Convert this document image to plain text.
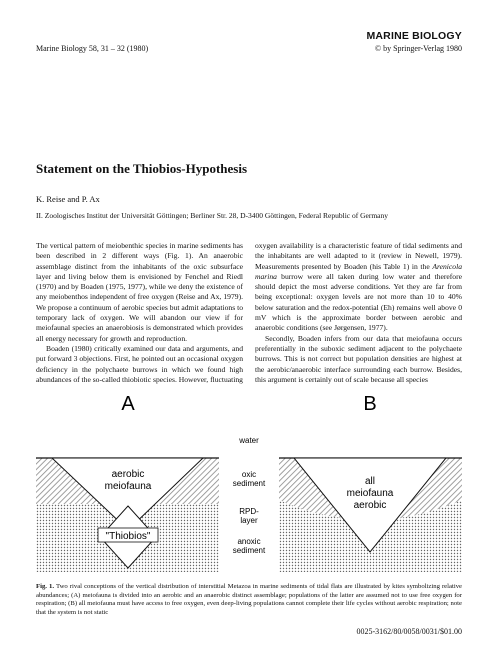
Marine Biology 58, 31 – 32 (1980)
MARINE BIOLOGY
© by Springer-Verlag 1980
Statement on the Thiobios-Hypothesis
K. Reise and P. Ax
II. Zoologisches Institut der Universität Göttingen; Berliner Str. 28, D-3400 Göttingen, Federal Republic of Germany

The vertical pattern of meiobenthic species in marine sediments has been described in 2 different ways (Fig. 1). An anaerobic assemblage distinct from the inhabitants of the oxic subsurface layer and living below them is envisioned by Fenchel and Riedl (1970) and by Boaden (1975, 1977), while we deny the existence of any meiobenthos independent of free oxygen (Reise and Ax, 1979). We propose a continuum of aerobic species but admit adaptations to temporary lack of oxygen. We will abandon our view if for meiofaunal species an anaerobiosis is demonstrated which provides all energy necessary for growth and reproduction.

Boaden (1980) critically examined our data and arguments, and put forward 3 objections. First, he pointed out an occasional oxygen deficiency in the polychaete burrows in which we found high abundances of the so-called thiobiotic species. However, fluctuating

oxygen availability is a characteristic feature of tidal sediments and the inhabitants are well adapted to it (review in Newell, 1979). Measurements presented by Boaden (his Table 1) in the Arenicola marina burrow were all taken during low water and therefore should depict the most adverse conditions. Yet they are far from being exceptional: oxygen levels are not more than 10 to 40% below saturation and the redox-potential (Eh) remains well above 0 mV which is the approximate border between aerobic and anaerobic conditions (see Jørgensen, 1977).

Secondly, Boaden infers from our data that meiofauna occurs preferentially in the suboxic sediment adjacent to the polychaete burrows. This is not correct but population densities are highest at the aerobic/anaerobic interface surrounding each burrow. Besides, this argument is certainly out of scale because all species

A
aerobic
meiofauna
"Thiobios"
water
oxic
sediment
RPD-
layer
anoxic
sediment
B
all
meiofauna
aerobic
Fig. 1. Two rival conceptions of the vertical distribution of interstitial Metazoa in marine sediments of tidal flats are illustrated by kites symbolizing relative abundances; (A) meiofauna is divided into an aerobic and an anaerobic distinct assemblage; populations of the latter are assumed not to use free oxygen for respiration; (B) all meiofauna must have access to free oxygen, even deep-living populations cannot complete their life cycles without aerobic respiration; note that the system is not static
0025-3162/80/0058/0031/$01.00
